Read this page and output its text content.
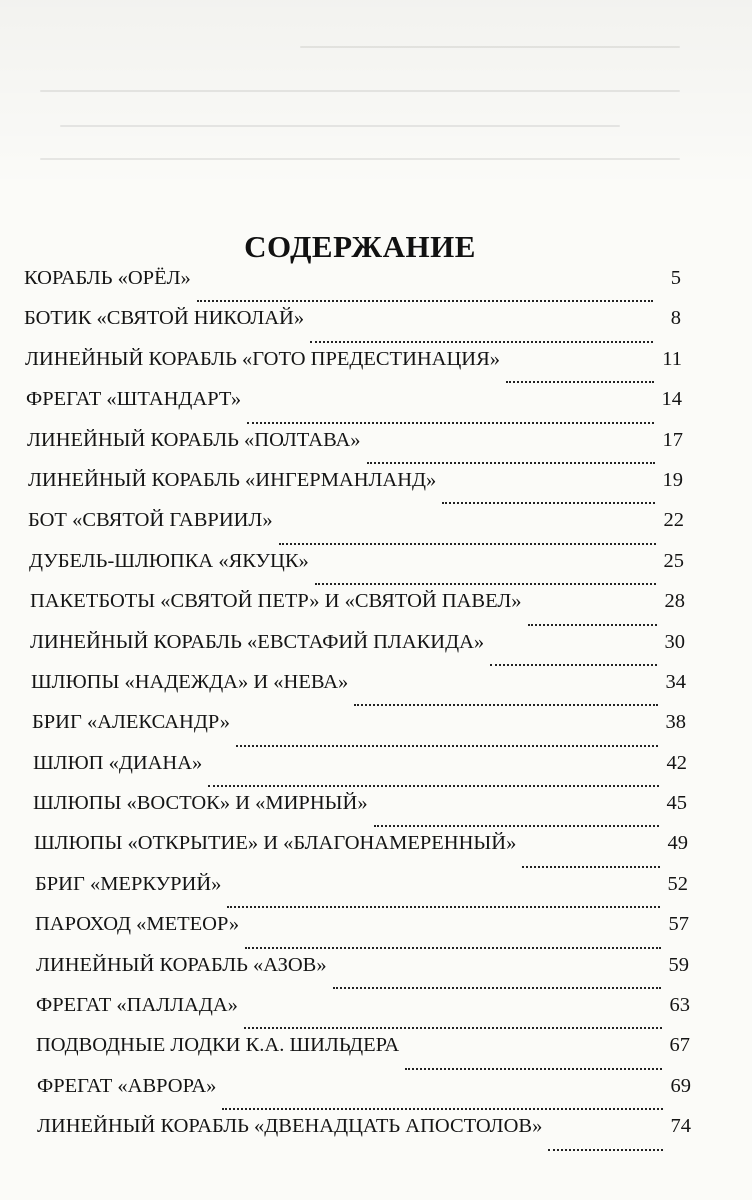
СОДЕРЖАНИЕ
КОРАБЛЬ «ОРЁЛ»	5
БОТИК «СВЯТОЙ НИКОЛАЙ»	8
ЛИНЕЙНЫЙ КОРАБЛЬ «ГОТО ПРЕДЕСТИНАЦИЯ»	11
ФРЕГАТ «ШТАНДАРТ»	14
ЛИНЕЙНЫЙ КОРАБЛЬ «ПОЛТАВА»	17
ЛИНЕЙНЫЙ КОРАБЛЬ «ИНГЕРМАНЛАНД»	19
БОТ «СВЯТОЙ ГАВРИИЛ»	22
ДУБЕЛЬ-ШЛЮПКА «ЯКУЦК»	25
ПАКЕТБОТЫ «СВЯТОЙ ПЕТР» И «СВЯТОЙ ПАВЕЛ»	28
ЛИНЕЙНЫЙ КОРАБЛЬ «ЕВСТАФИЙ ПЛАКИДА»	30
ШЛЮПЫ «НАДЕЖДА» И «НЕВА»	34
БРИГ «АЛЕКСАНДР»	38
ШЛЮП «ДИАНА»	42
ШЛЮПЫ «ВОСТОК» И «МИРНЫЙ»	45
ШЛЮПЫ «ОТКРЫТИЕ» И «БЛАГОНАМЕРЕННЫЙ»	49
БРИГ «МЕРКУРИЙ»	52
ПАРОХОД «МЕТЕОР»	57
ЛИНЕЙНЫЙ КОРАБЛЬ «АЗОВ»	59
ФРЕГАТ «ПАЛЛАДА»	63
ПОДВОДНЫЕ ЛОДКИ К.А. ШИЛЬДЕРА	67
ФРЕГАТ «АВРОРА»	69
ЛИНЕЙНЫЙ КОРАБЛЬ «ДВЕНАДЦАТЬ АПОСТОЛОВ»	74
